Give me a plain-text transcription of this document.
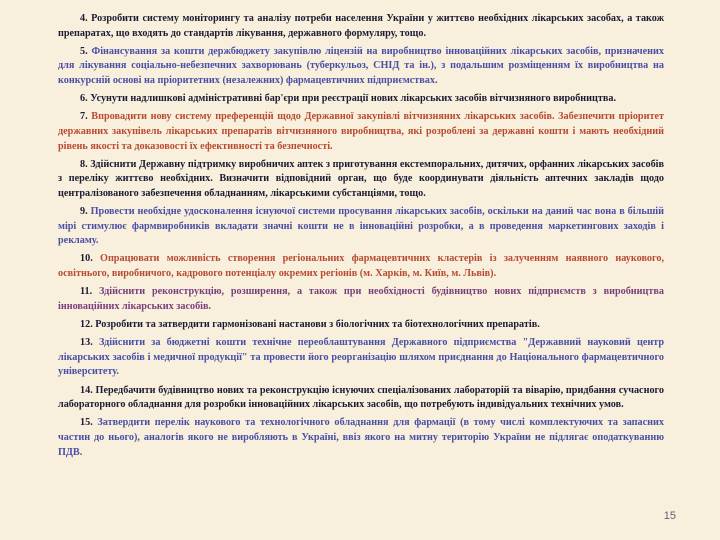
4. Розробити систему моніторингу та аналізу потреби населення України у життєво необхідних лікарських засобах, а також препаратах, що входять до стандартів лікування, державного формуляру, тощо.

5. Фінансування за кошти держбюджету закупівлю ліцензій на виробництво інноваційних лікарських засобів, призначених для лікування соціально-небезпечних захворювань (туберкульоз, СНІД та ін.), з подальшим розміщенням їх виробництва на конкурсній основі на пріоритетних (незалежних) фармацевтичних підприємствах.

6. Усунути надлишкові адміністративні бар'єри при реєстрації нових лікарських засобів вітчизняного виробництва.

7. Впровадити нову систему преференцій щодо Державної закупівлі вітчизняних лікарських засобів. Забезпечити пріоритет державних закупівель лікарських препаратів вітчизняного виробництва, які розроблені за державні кошти і мають необхідний рівень якості та доказовості їх ефективності та безпечності.

8. Здійснити Державну підтримку виробничих аптек з приготування екстемпоральних, дитячих, орфанних лікарських засобів з переліку життєво необхідних. Визначити відповідний орган, що буде координувати діяльність аптечних закладів щодо централізованого забезпечення обладнанням, лікарськими субстанціями, тощо.

9. Провести необхідне удосконалення існуючої системи просування лікарських засобів, оскільки на даний час вона в більшій мірі стимулює фармвиробників вкладати значні кошти не в інноваційні розробки, а в проведення маркетингових заходів і рекламу.

10. Опрацювати можливість створення регіональних фармацевтичних кластерів із залученням наявного наукового, освітнього, виробничого, кадрового потенціалу окремих регіонів (м. Харків, м. Київ, м. Львів).

11. Здійснити реконструкцію, розширення, а також при необхідності будівництво нових підприємств з виробництва інноваційних лікарських засобів.

12. Розробити та затвердити гармонізовані настанови з біологічних та біотехнологічних препаратів.

13. Здійснити за бюджетні кошти технічне переоблаштування Державного підприємства "Державний науковий центр лікарських засобів і медичної продукції" та провести його реорганізацію шляхом приєднання до Національного фармацевтичного університету.

14. Передбачити будівництво нових та реконструкцію існуючих спеціалізованих лабораторій та віварію, придбання сучасного лабораторного обладнання для розробки інноваційних лікарських засобів, що потребують індивідуальних технічних умов.

15. Затвердити перелік наукового та технологічного обладнання для фармації (в тому числі комплектуючих та запасних частин до нього), аналогів якого не виробляють в Україні, ввіз якого на митну територію України не підлягає оподаткуванню ПДВ.

15
